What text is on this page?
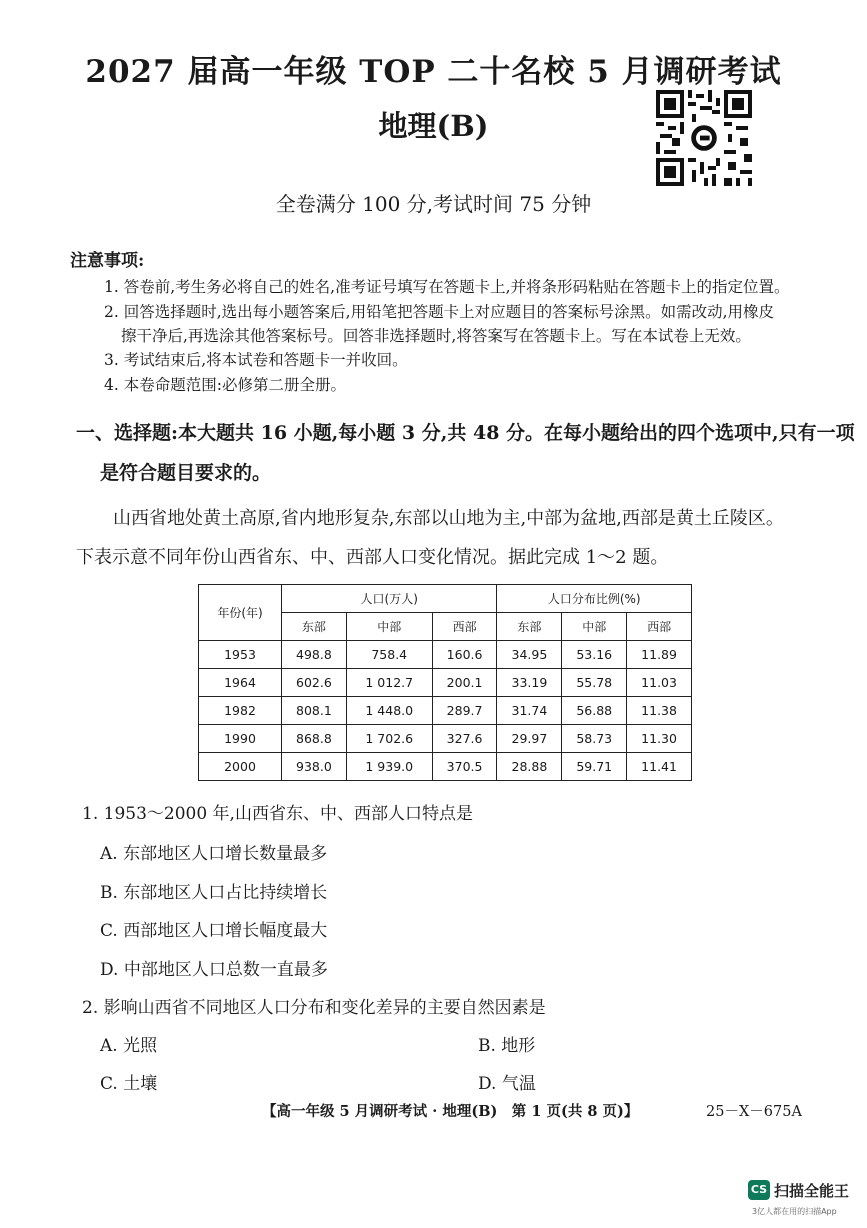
2027 届高一年级 TOP 二十名校 5 月调研考试
地理(B)
全卷满分 100 分,考试时间 75 分钟
注意事项:
1. 答卷前,考生务必将自己的姓名,准考证号填写在答题卡上,并将条形码粘贴在答题卡上的指定位置。
2. 回答选择题时,选出每小题答案后,用铅笔把答题卡上对应题目的答案标号涂黑。如需改动,用橡皮
擦干净后,再选涂其他答案标号。回答非选择题时,将答案写在答题卡上。写在本试卷上无效。
3. 考试结束后,将本试卷和答题卡一并收回。
4. 本卷命题范围:必修第二册全册。
一、选择题:本大题共 16 小题,每小题 3 分,共 48 分。在每小题给出的四个选项中,只有一项
是符合题目要求的。
山西省地处黄土高原,省内地形复杂,东部以山地为主,中部为盆地,西部是黄土丘陵区。
下表示意不同年份山西省东、中、西部人口变化情况。据此完成 1～2 题。
年份(年)	人口(万人)			人口分布比例(%)		
	东部	中部	西部	东部	中部	西部
1953	498.8	758.4	160.6	34.95	53.16	11.89
1964	602.6	1 012.7	200.1	33.19	55.78	11.03
1982	808.1	1 448.0	289.7	31.74	56.88	11.38
1990	868.8	1 702.6	327.6	29.97	58.73	11.30
2000	938.0	1 939.0	370.5	28.88	59.71	11.41
1. 1953～2000 年,山西省东、中、西部人口特点是
A. 东部地区人口增长数量最多
B. 东部地区人口占比持续增长
C. 西部地区人口增长幅度最大
D. 中部地区人口总数一直最多
2. 影响山西省不同地区人口分布和变化差异的主要自然因素是
A. 光照	B. 地形
C. 土壤	D. 气温
【高一年级 5 月调研考试 · 地理(B)　第 1 页(共 8 页)】	25－X－675A
CS 扫描全能王
3亿人都在用的扫描App
